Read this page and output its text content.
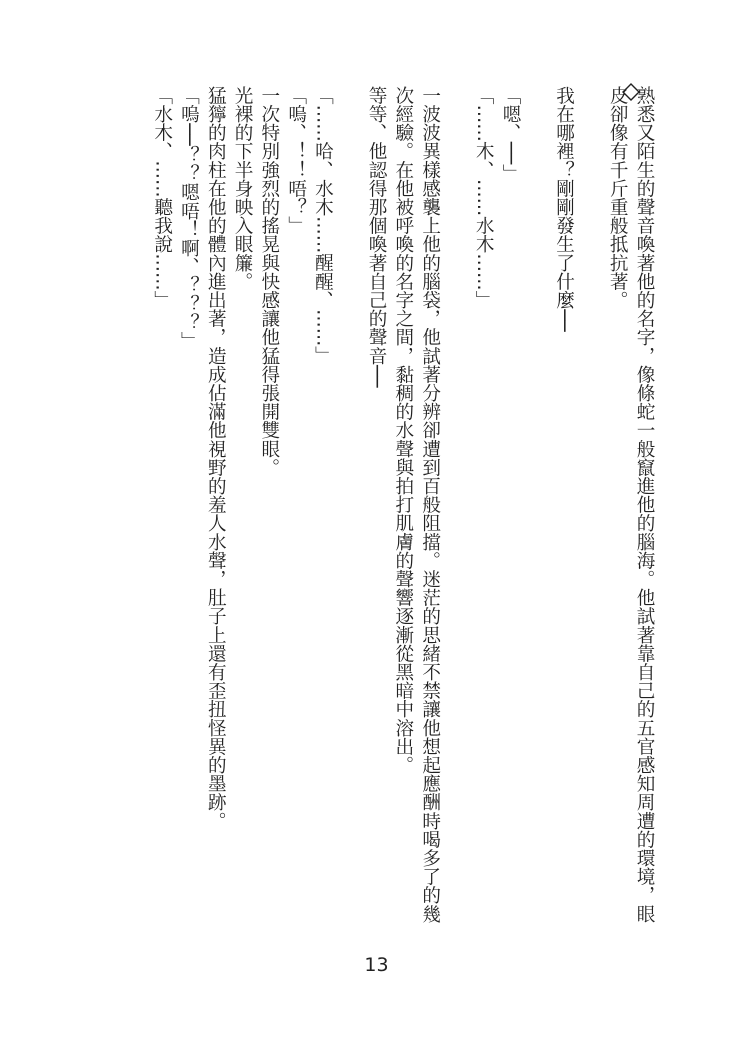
熟悉又陌生的聲音喚著他的名字，像條蛇一般竄進他的腦海。他試著靠自己的五官感知周遭的環境，眼
皮卻像有千斤重般抵抗著。
我在哪裡？剛剛發生了什麼──
「嗯、──」
「……木、……水木……」
一波波異樣感襲上他的腦袋，他試著分辨卻遭到百般阻擋。迷茫的思緒不禁讓他想起應酬時喝多了的幾
次經驗。在他被呼喚的名字之間，黏稠的水聲與拍打肌膚的聲響逐漸從黑暗中溶出。
等等、他認得那個喚著自己的聲音──
「……哈、水木……醒醒、……」
「嗚、！！唔？」
一次特別強烈的搖晃與快感讓他猛得張開雙眼。
光裸的下半身映入眼簾。
猛獰的肉柱在他的體內進出著，造成佔滿他視野的羞人水聲，肚子上還有歪扭怪異的墨跡。
「嗚──？？嗯唔！啊、？？？」
「水木、……聽我說……」
13
